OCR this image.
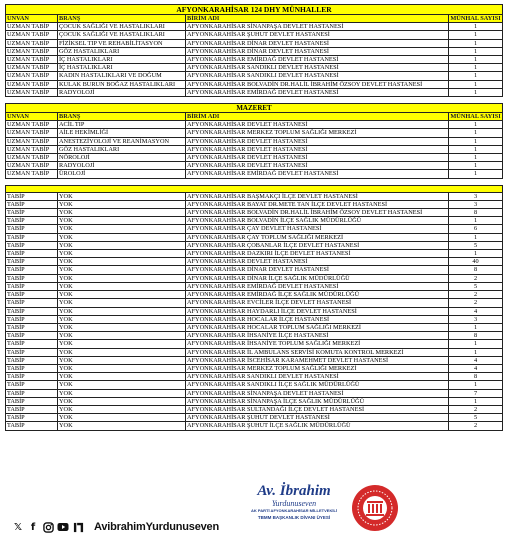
AFYONKARAHİSAR 124 DHY MÜNHALLER			
UNVAN	BRANŞ	BİRİM ADI	MÜNHAL SAYISI
UZMAN TABİP	ÇOCUK SAĞLIĞI VE HASTALIKLARI	AFYONKARAHİSAR SİNANPAŞA DEVLET HASTANESİ	1
UZMAN TABİP	ÇOCUK SAĞLIĞI VE HASTALIKLARI	AFYONKARAHİSAR ŞUHUT DEVLET HASTANESİ	1
UZMAN TABİP	FİZİKSEL TIP VE REHABİLİTASYON	AFYONKARAHİSAR DİNAR DEVLET HASTANESİ	1
UZMAN TABİP	GÖZ HASTALIKLARI	AFYONKARAHİSAR DİNAR DEVLET HASTANESİ	1
UZMAN TABİP	İÇ HASTALIKLARI	AFYONKARAHİSAR EMİRDAĞ DEVLET HASTANESİ	1
UZMAN TABİP	İÇ HASTALIKLARI	AFYONKARAHİSAR SANDIKLI DEVLET HASTANESİ	1
UZMAN TABİP	KADIN HASTALIKLARI VE DOĞUM	AFYONKARAHİSAR SANDIKLI DEVLET HASTANESİ	1
UZMAN TABİP	KULAK BURUN BOĞAZ HASTALIKLARI	AFYONKARAHİSAR BOLVADİN DR.HALİL İBRAHİM ÖZSOY DEVLET HASTANESİ	1
UZMAN TABİP	RADYOLOJİ	AFYONKARAHİSAR EMİRDAĞ DEVLET HASTANESİ	1

MAZERET			
UNVAN	BRANŞ	BİRİM ADI	MÜNHAL SAYISI
UZMAN TABİP	ACİL TIP	AFYONKARAHİSAR DEVLET HASTANESİ	1
UZMAN TABİP	AİLE HEKİMLİĞİ	AFYONKARAHİSAR MERKEZ TOPLUM SAĞLIĞI MERKEZİ	1
UZMAN TABİP	ANESTEZİYOLOJİ VE REANİMASYON	AFYONKARAHİSAR DEVLET HASTANESİ	1
UZMAN TABİP	GÖZ HASTALIKLARI	AFYONKARAHİSAR DEVLET HASTANESİ	1
UZMAN TABİP	NÖROLOJİ	AFYONKARAHİSAR DEVLET HASTANESİ	1
UZMAN TABİP	RADYOLOJİ	AFYONKARAHİSAR DEVLET HASTANESİ	1
UZMAN TABİP	ÜROLOJİ	AFYONKARAHİSAR EMİRDAĞ DEVLET HASTANESİ	1

TABİP	YOK	AFYONKARAHİSAR BAŞMAKÇI İLÇE DEVLET HASTANESİ	3
TABİP	YOK	AFYONKARAHİSAR BAYAT DR.METE TAN İLÇE DEVLET HASTANESİ	3
TABİP	YOK	AFYONKARAHİSAR BOLVADİN DR.HALİL İBRAHİM ÖZSOY DEVLET HASTANESİ	8
TABİP	YOK	AFYONKARAHİSAR BOLVADİN İLÇE SAĞLIK MÜDÜRLÜĞÜ	1
TABİP	YOK	AFYONKARAHİSAR ÇAY DEVLET HASTANESİ	6
TABİP	YOK	AFYONKARAHİSAR ÇAY TOPLUM SAĞLIĞI MERKEZİ	1
TABİP	YOK	AFYONKARAHİSAR ÇOBANLAR İLÇE DEVLET HASTANESİ	5
TABİP	YOK	AFYONKARAHİSAR DAZKIRI İLÇE DEVLET HASTANESİ	1
TABİP	YOK	AFYONKARAHİSAR DEVLET HASTANESİ	40
TABİP	YOK	AFYONKARAHİSAR DİNAR DEVLET HASTANESİ	8
TABİP	YOK	AFYONKARAHİSAR DİNAR İLÇE SAĞLIK MÜDÜRLÜĞÜ	2
TABİP	YOK	AFYONKARAHİSAR EMİRDAĞ DEVLET HASTANESİ	5
TABİP	YOK	AFYONKARAHİSAR EMİRDAĞ İLÇE SAĞLIK MÜDÜRLÜĞÜ	2
TABİP	YOK	AFYONKARAHİSAR EVCİLER İLÇE DEVLET HASTANESİ	2
TABİP	YOK	AFYONKARAHİSAR HAYDARLI İLÇE DEVLET HASTANESİ	4
TABİP	YOK	AFYONKARAHİSAR HOCALAR İLÇE HASTANESİ	3
TABİP	YOK	AFYONKARAHİSAR HOCALAR TOPLUM SAĞLIĞI MERKEZİ	1
TABİP	YOK	AFYONKARAHİSAR İHSANİYE İLÇE HASTANESİ	8
TABİP	YOK	AFYONKARAHİSAR İHSANİYE TOPLUM SAĞLIĞI MERKEZİ	1
TABİP	YOK	AFYONKARAHİSAR İL AMBULANS SERVİSİ KOMUTA KONTROL MERKEZİ	1
TABİP	YOK	AFYONKARAHİSAR İSCEHİSAR KARAMEHMET DEVLET HASTANESİ	4
TABİP	YOK	AFYONKARAHİSAR MERKEZ TOPLUM SAĞLIĞI MERKEZİ	4
TABİP	YOK	AFYONKARAHİSAR SANDIKLI DEVLET HASTANESİ	8
TABİP	YOK	AFYONKARAHİSAR SANDIKLI İLÇE SAĞLIK MÜDÜRLÜĞÜ	1
TABİP	YOK	AFYONKARAHİSAR SİNANPAŞA DEVLET HASTANESİ	7
TABİP	YOK	AFYONKARAHİSAR SİNANPAŞA İLÇE SAĞLIK MÜDÜRLÜĞÜ	1
TABİP	YOK	AFYONKARAHİSAR SULTANDAĞI İLÇE DEVLET HASTANESİ	2
TABİP	YOK	AFYONKARAHİSAR ŞUHUT DEVLET HASTANESİ	5
TABİP	YOK	AFYONKARAHİSAR ŞUHUT İLÇE SAĞLIK MÜDÜRLÜĞÜ	2
𝕏 f	AvibrahimYurdunuseven
Av. İbrahim
Yurdunuseven
AK PARTİ AFYONKARAHİSAR MİLLETVEKİLİ
TBMM BAŞKANLIK DİVANI ÜYESİ
